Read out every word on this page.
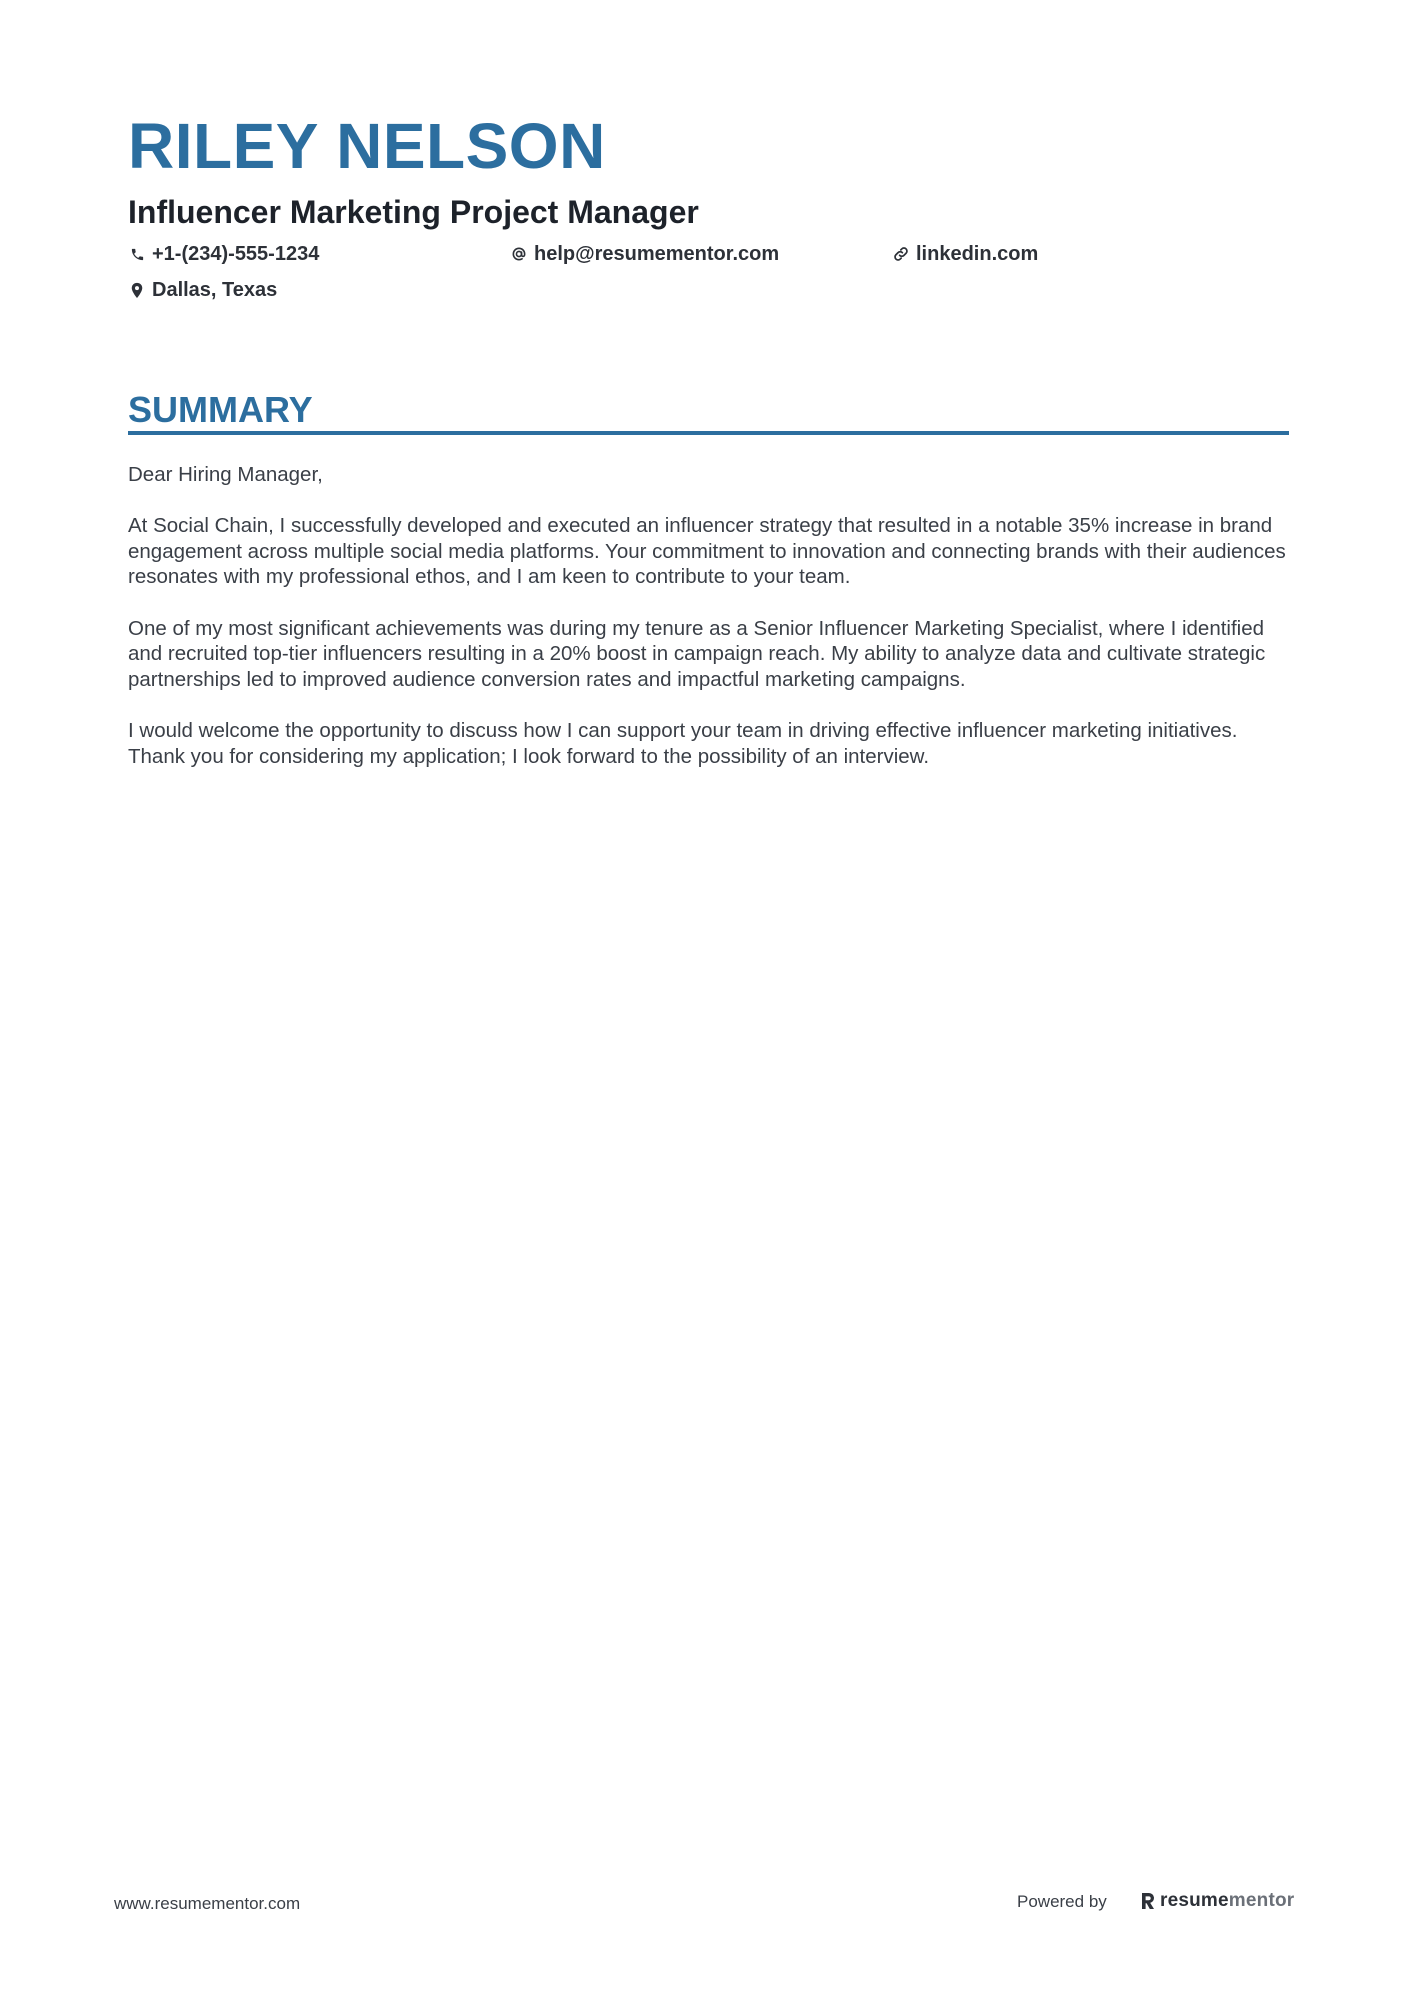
RILEY NELSON
Influencer Marketing Project Manager
+1-(234)-555-1234	help@resumementor.com	linkedin.com
Dallas, Texas
SUMMARY

Dear Hiring Manager,

At Social Chain, I successfully developed and executed an influencer strategy that resulted in a notable 35% increase in brand engagement across multiple social media platforms. Your commitment to innovation and connecting brands with their audiences resonates with my professional ethos, and I am keen to contribute to your team.

One of my most significant achievements was during my tenure as a Senior Influencer Marketing Specialist, where I identified and recruited top-tier influencers resulting in a 20% boost in campaign reach. My ability to analyze data and cultivate strategic partnerships led to improved audience conversion rates and impactful marketing campaigns.

I would welcome the opportunity to discuss how I can support your team in driving effective influencer marketing initiatives. Thank you for considering my application; I look forward to the possibility of an interview.

www.resumementor.com	Powered by	resumementor
